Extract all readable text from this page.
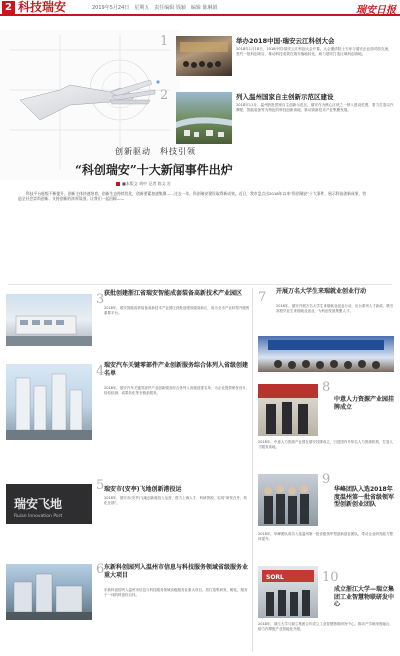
2 科技瑞安	2019年5月24日　星期五　责任编辑 钱颖　编辑 陈琳娟	瑞安日报
创新驱动　科技引领
“科创瑞安”十大新闻事件出炉
■本版文 胡中 记者 陈文 宣
科技平台能级不断提升，创新主体快速培育，创新生态持续优化，创新要素加速集聚……过去一年，科创瑞安建设取得新成效。近日，我市盘点出2018年以来“科创瑞安”十大事件，展示科技创新成果，营造全社会崇尚创新、支持创新的浓厚氛围。让我们一起回顾——
1	举办2018中国·瑞安云江科创大会
2018年1月18日，2018中国·瑞安云江科创大会开幕。大会邀请院士专家与瑞安企业面对面交流，签约一批科创项目，推动科技成果在瑞安落地转化，助力瑞安打造区域科创高地。
2	列入温州国家自主创新示范区建设
2018年11月，温州获批国家自主创新示范区，瑞安作为核心区块之一纳入建设范围，着力打造以汽摩配、智能装备等为特色的科技创新高地，推动高新技术产业集聚发展。
3 获批创建浙江省瑞安智能成套装备高新技术产业园区
2018年，瑞安智能成套装备高新技术产业园区获批创建省级高新区，成为全市产业转型升级的重要平台。
4 瑞安汽车关键零部件产业创新服务综合体列入省级创建名单
2018年，瑞安汽车关键零部件产业创新服务综合体列入省级创建名单，为企业提供研发设计、检验检测、成果转化等全链条服务。
瑞安飞地
Ruian Innovation Port
5 瑞安市(安亭)飞地创新港投运
2018年，瑞安市(安亭)飞地创新港投入运营，借力上海人才、科研资源，实现“研发在外、转化在瑞”。
6 东新科创园列入温州市信息与科技服务领域省级服务业重大项目
东新科创园列入温州市信息与科技服务领域省级服务业重大项目，将打造集研发、孵化、服务于一体的科创综合体。
7 开展万名大学生来瑞就业创业行动
2018年，瑞安开展万名大学生来瑞就业创业行动，出台系列人才新政，吸引高校毕业生来瑞就业创业，为科创发展集聚人才。
8
中意人力资源产业园挂牌成立
2018年，中意人力资源产业园在瑞安挂牌成立，引进国内外知名人力资源机构，打造人才服务高地。
9
华峰团队入选2018年度温州第一批省级领军型创新创业团队
2018年，华峰团队成功入选温州第一批省级领军型创新创业团队，带动企业研发能力整体提升。
SORL	10
成立浙江大学—瑞立集团工业智慧物联研发中心
2018年，浙江大学与瑞立集团合作成立工业智慧物联研发中心，推动产学研深度融合，助力汽摩配产业智能化升级。
